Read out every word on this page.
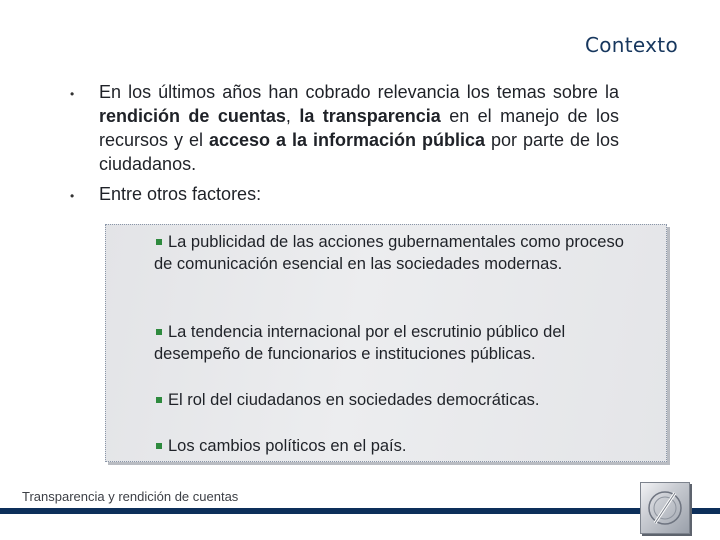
Contexto
• En los últimos años han cobrado relevancia los temas sobre la rendición de cuentas, la transparencia en el manejo de los recursos y el acceso a la información pública por parte de los ciudadanos.
• Entre otros factores:
La publicidad de las acciones gubernamentales como proceso de comunicación esencial en las sociedades modernas.
La tendencia internacional por el escrutinio público del desempeño de funcionarios e instituciones públicas.
El rol del ciudadanos en sociedades democráticas.
Los cambios políticos en el país.
Transparencia y rendición de cuentas
